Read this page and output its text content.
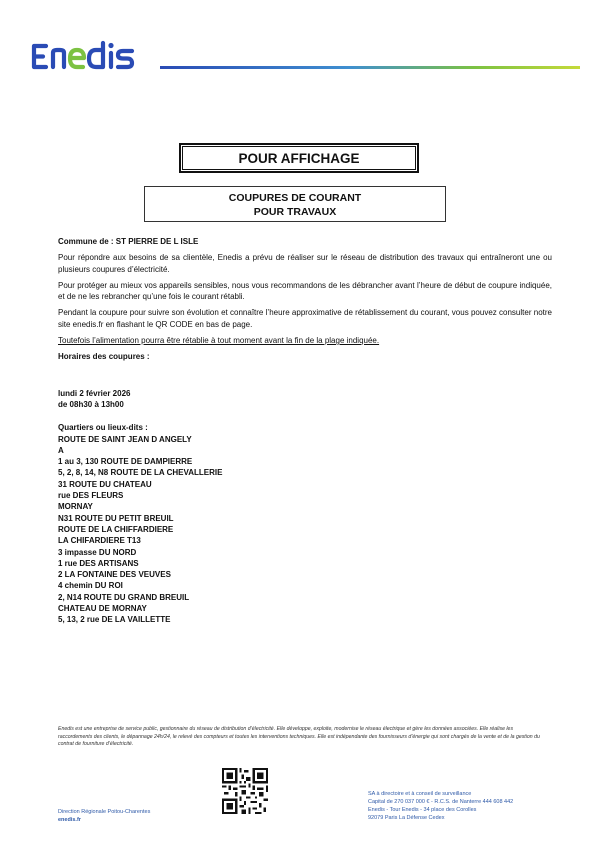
POUR AFFICHAGE
COUPURES DE COURANT
POUR TRAVAUX

Commune de : ST PIERRE DE L ISLE

Pour répondre aux besoins de sa clientèle, Enedis a prévu de réaliser sur le réseau de distribution des travaux qui entraîneront une ou plusieurs coupures d’électricité.

Pour protéger au mieux vos appareils sensibles, nous vous recommandons de les débrancher avant l’heure de début de coupure indiquée, et de ne les rebrancher qu’une fois le courant rétabli.

Pendant la coupure pour suivre son évolution et connaître l’heure approximative de rétablissement du courant, vous pouvez consulter notre site enedis.fr en flashant le QR CODE en bas de page.

Toutefois l’alimentation pourra être rétablie à tout moment avant la fin de la plage indiquée.

Horaires des coupures :

lundi 2 février 2026
de 08h30 à 13h00
Quartiers ou lieux-dits :
ROUTE DE SAINT JEAN D ANGELY
A
1 au 3, 130 ROUTE DE DAMPIERRE
5, 2, 8, 14, N8 ROUTE DE LA CHEVALLERIE
31 ROUTE DU CHATEAU
rue DES FLEURS
MORNAY
N31 ROUTE DU PETIT BREUIL
ROUTE DE LA CHIFFARDIERE
LA CHIFARDIERE T13
3 impasse DU NORD
1 rue DES ARTISANS
2 LA FONTAINE DES VEUVES
4 chemin DU ROI
2, N14 ROUTE DU GRAND BREUIL
CHATEAU DE MORNAY
5, 13, 2 rue DE LA VAILLETTE
Enedis est une entreprise de service public, gestionnaire du réseau de distribution d’électricité. Elle développe, exploite, modernise le réseau électrique et gère les données associées. Elle réalise les raccordements des clients, le dépannage 24h/24, le relevé des compteurs et toutes les interventions techniques. Elle est indépendante des fournisseurs d’énergie qui sont chargés de la vente et de la gestion du contrat de fourniture d’électricité.
Direction Régionale Poitou-Charentes
enedis.fr
SA à directoire et à conseil de surveillance
Capital de 270 037 000 € - R.C.S. de Nanterre 444 608 442
Enedis - Tour Enedis - 34 place des Corolles
92079 Paris La Défense Cedex
